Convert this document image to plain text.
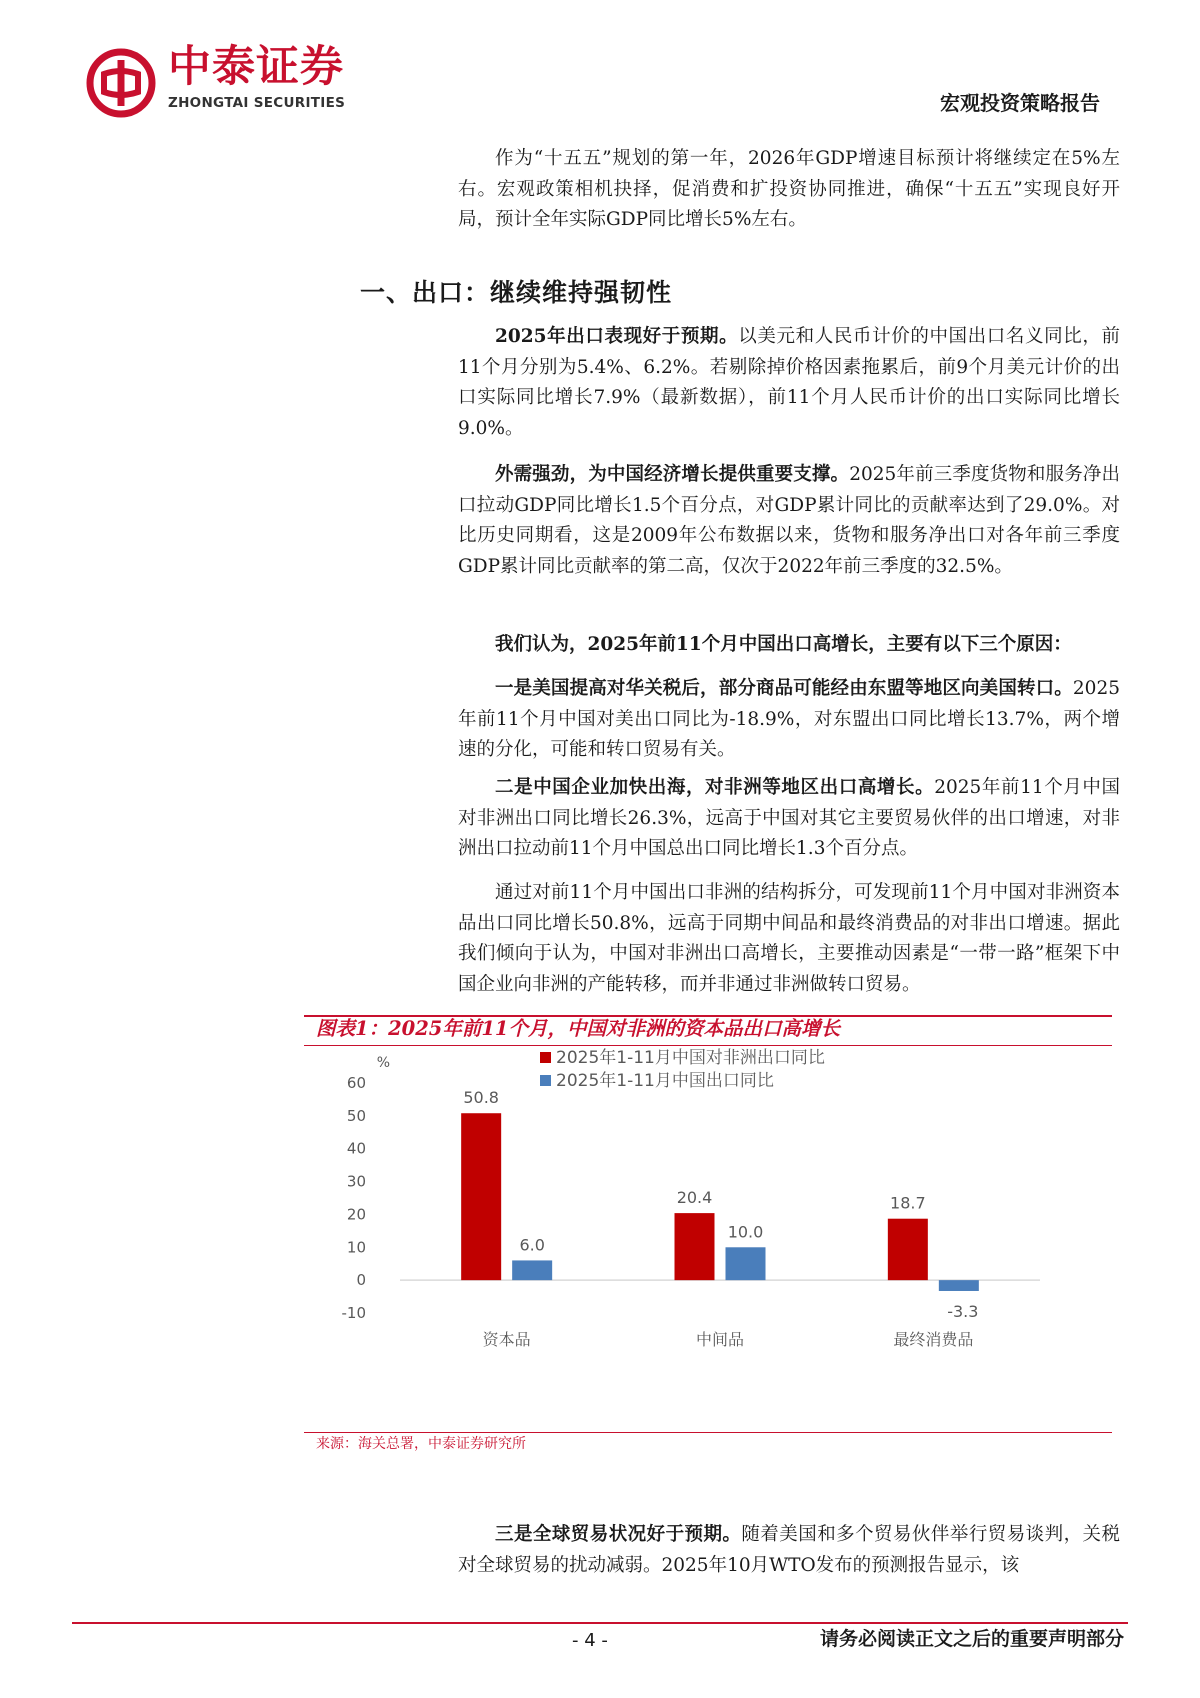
中泰证券
ZHONGTAI SECURITIES	宏观投资策略报告

作为“十五五”规划的第一年，2026年GDP增速目标预计将继续定在5%左右。宏观政策相机抉择，促消费和扩投资协同推进，确保“十五五”实现良好开局，预计全年实际GDP同比增长5%左右。

一、出口：继续维持强韧性

2025年出口表现好于预期。以美元和人民币计价的中国出口名义同比，前11个月分别为5.4%、6.2%。若剔除掉价格因素拖累后，前9个月美元计价的出口实际同比增长7.9%（最新数据），前11个月人民币计价的出口实际同比增长9.0%。

外需强劲，为中国经济增长提供重要支撑。2025年前三季度货物和服务净出口拉动GDP同比增长1.5个百分点，对GDP累计同比的贡献率达到了29.0%。对比历史同期看，这是2009年公布数据以来，货物和服务净出口对各年前三季度GDP累计同比贡献率的第二高，仅次于2022年前三季度的32.5%。

我们认为，2025年前11个月中国出口高增长，主要有以下三个原因：

一是美国提高对华关税后，部分商品可能经由东盟等地区向美国转口。2025年前11个月中国对美出口同比为-18.9%，对东盟出口同比增长13.7%，两个增速的分化，可能和转口贸易有关。

二是中国企业加快出海，对非洲等地区出口高增长。2025年前11个月中国对非洲出口同比增长26.3%，远高于中国对其它主要贸易伙伴的出口增速，对非洲出口拉动前11个月中国总出口同比增长1.3个百分点。

通过对前11个月中国出口非洲的结构拆分，可发现前11个月中国对非洲资本品出口同比增长50.8%，远高于同期中间品和最终消费品的对非出口增速。据此我们倾向于认为，中国对非洲出口高增长，主要推动因素是“一带一路”框架下中国企业向非洲的产能转移，而并非通过非洲做转口贸易。

图表1：2025年前11个月，中国对非洲的资本品出口高增长
%	2025年1-11月中国对非洲出口同比
2025年1-11月中国出口同比
60
50
40
30
20
10
0
-10
50.8
6.0
20.4
10.0
18.7
-3.3
资本品	中间品	最终消费品
来源：海关总署，中泰证券研究所

三是全球贸易状况好于预期。随着美国和多个贸易伙伴举行贸易谈判，关税对全球贸易的扰动减弱。2025年10月WTO发布的预测报告显示，该

- 4 -	请务必阅读正文之后的重要声明部分
